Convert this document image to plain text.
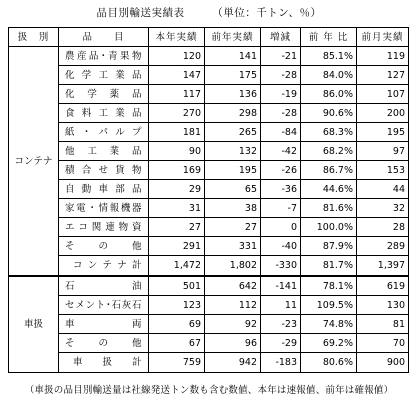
品目別輸送実績表　　　（単位：千トン、％）
扱　別	品　　目	本年実績	前年実績	増減	前 年 比	前月実績
コンテナ	農産品･青果物	120	141	-21	85.1%	119
	化学工業品	147	175	-28	84.0%	127
	化学薬品	117	136	-19	86.0%	107
	食料工業品	270	298	-28	90.6%	200
	紙・パルプ	181	265	-84	68.3%	195
	他工業品	90	132	-42	68.2%	97
	積合せ貨物	169	195	-26	86.7%	153
	自動車部品	29	65	-36	44.6%	44
	家電・情報機器	31	38	-7	81.6%	32
	エコ関連物資	27	27	0	100.0%	28
	その他	291	331	-40	87.9%	289
	コンテナ計	1,472	1,802	-330	81.7%	1,397
車扱	石油	501	642	-141	78.1%	619
	セメント･石灰石	123	112	11	109.5%	130
	車両	69	92	-23	74.8%	81
	その他	67	96	-29	69.2%	70
	車扱計	759	942	-183	80.6%	900
（車扱の品目別輸送量は社線発送トン数も含む数値、本年は速報値、前年は確報値）
